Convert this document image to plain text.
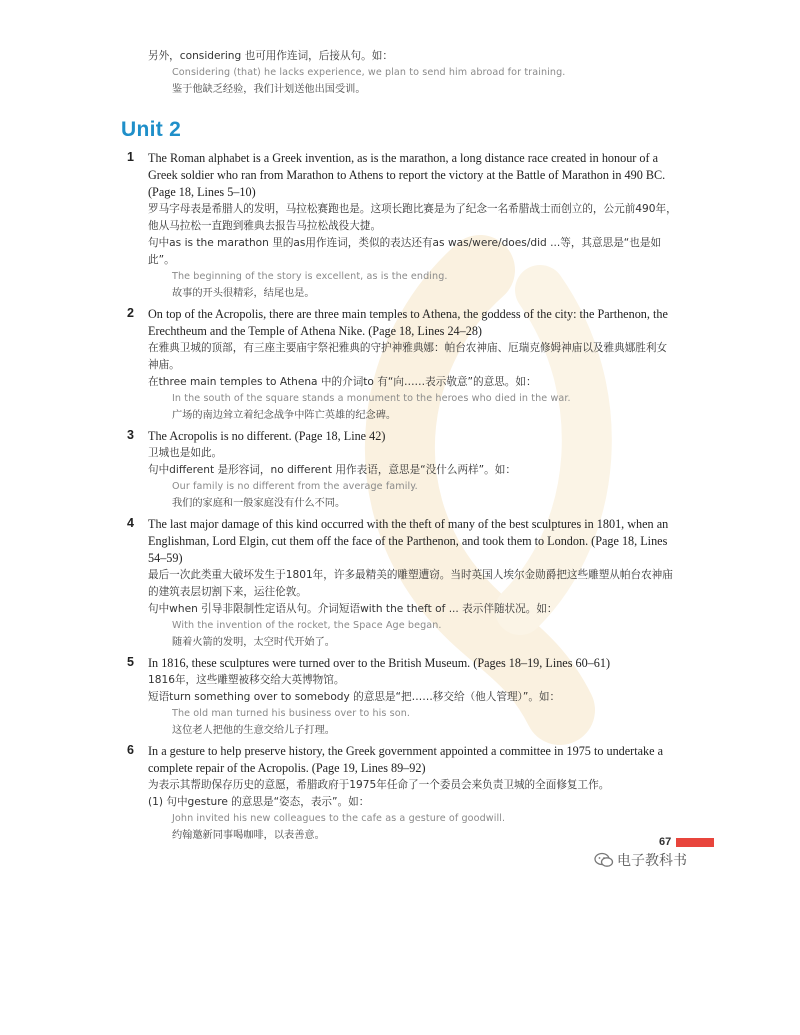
另外，considering 也可用作连词，后接从句。如：
Considering (that) he lacks experience, we plan to send him abroad for training.
鉴于他缺乏经验，我们计划送他出国受训。
Unit 2
1 The Roman alphabet is a Greek invention, as is the marathon, a long distance race created in honour of a Greek soldier who ran from Marathon to Athens to report the victory at the Battle of Marathon in 490 BC. (Page 18, Lines 5–10)
罗马字母表是希腊人的发明，马拉松赛跑也是。这项长跑比赛是为了纪念一名希腊战士而创立的，公元前490年，他从马拉松一直跑到雅典去报告马拉松战役大捷。
句中as is the marathon 里的as用作连词，类似的表达还有as was/were/does/did ...等，其意思是“也是如此”。
The beginning of the story is excellent, as is the ending.
故事的开头很精彩，结尾也是。
2 On top of the Acropolis, there are three main temples to Athena, the goddess of the city: the Parthenon, the Erechtheum and the Temple of Athena Nike. (Page 18, Lines 24–28)
在雅典卫城的顶部，有三座主要庙宇祭祀雅典的守护神雅典娜：帕台农神庙、厄瑞克修姆神庙以及雅典娜胜利女神庙。
在three main temples to Athena 中的介词to 有“向……表示敬意”的意思。如：
In the south of the square stands a monument to the heroes who died in the war.
广场的南边耸立着纪念战争中阵亡英雄的纪念碑。
3 The Acropolis is no different. (Page 18, Line 42)
卫城也是如此。
句中different 是形容词，no different 用作表语，意思是“没什么两样”。如：
Our family is no different from the average family.
我们的家庭和一般家庭没有什么不同。
4 The last major damage of this kind occurred with the theft of many of the best sculptures in 1801, when an Englishman, Lord Elgin, cut them off the face of the Parthenon, and took them to London. (Page 18, Lines 54–59)
最后一次此类重大破坏发生于1801年，许多最精美的雕塑遭窃。当时英国人埃尔金勋爵把这些雕塑从帕台农神庙的建筑表层切割下来，运往伦敦。
句中when 引导非限制性定语从句。介词短语with the theft of ... 表示伴随状况。如：
With the invention of the rocket, the Space Age began.
随着火箭的发明，太空时代开始了。
5 In 1816, these sculptures were turned over to the British Museum. (Pages 18–19, Lines 60–61)
1816年，这些雕塑被移交给大英博物馆。
短语turn something over to somebody 的意思是“把……移交给（他人管理）”。如：
The old man turned his business over to his son.
这位老人把他的生意交给儿子打理。
6 In a gesture to help preserve history, the Greek government appointed a committee in 1975 to undertake a complete repair of the Acropolis. (Page 19, Lines 89–92)
为表示其帮助保存历史的意愿，希腊政府于1975年任命了一个委员会来负责卫城的全面修复工作。
(1) 句中gesture 的意思是“姿态，表示”。如：
John invited his new colleagues to the cafe as a gesture of goodwill.
约翰邀新同事喝咖啡，以表善意。
67
电子教科书
